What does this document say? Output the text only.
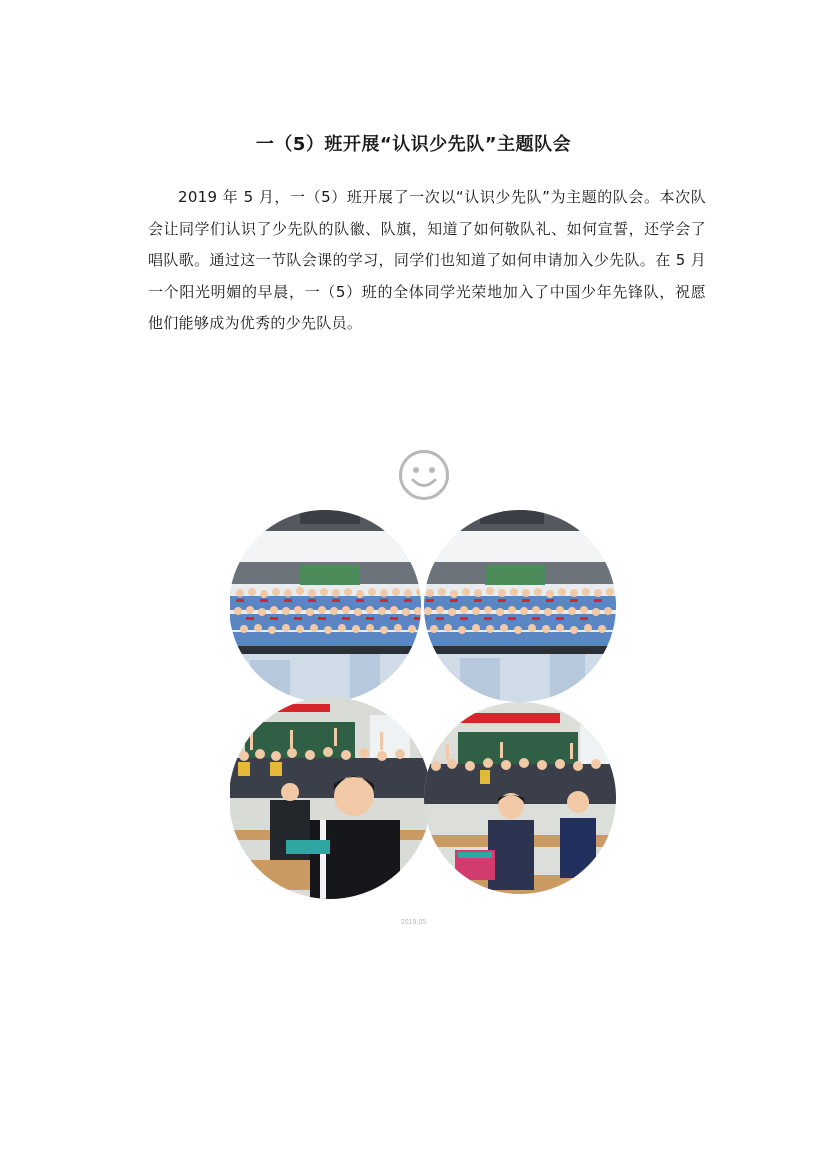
一（5）班开展“认识少先队”主题队会
2019 年 5 月，一（5）班开展了一次以“认识少先队”为主题的队会。本次队会让同学们认识了少先队的队徽、队旗，知道了如何敬队礼、如何宣誓，还学会了唱队歌。通过这一节队会课的学习，同学们也知道了如何申请加入少先队。在 5 月一个阳光明媚的早晨，一（5）班的全体同学光荣地加入了中国少年先锋队，祝愿他们能够成为优秀的少先队员。
2019.05
